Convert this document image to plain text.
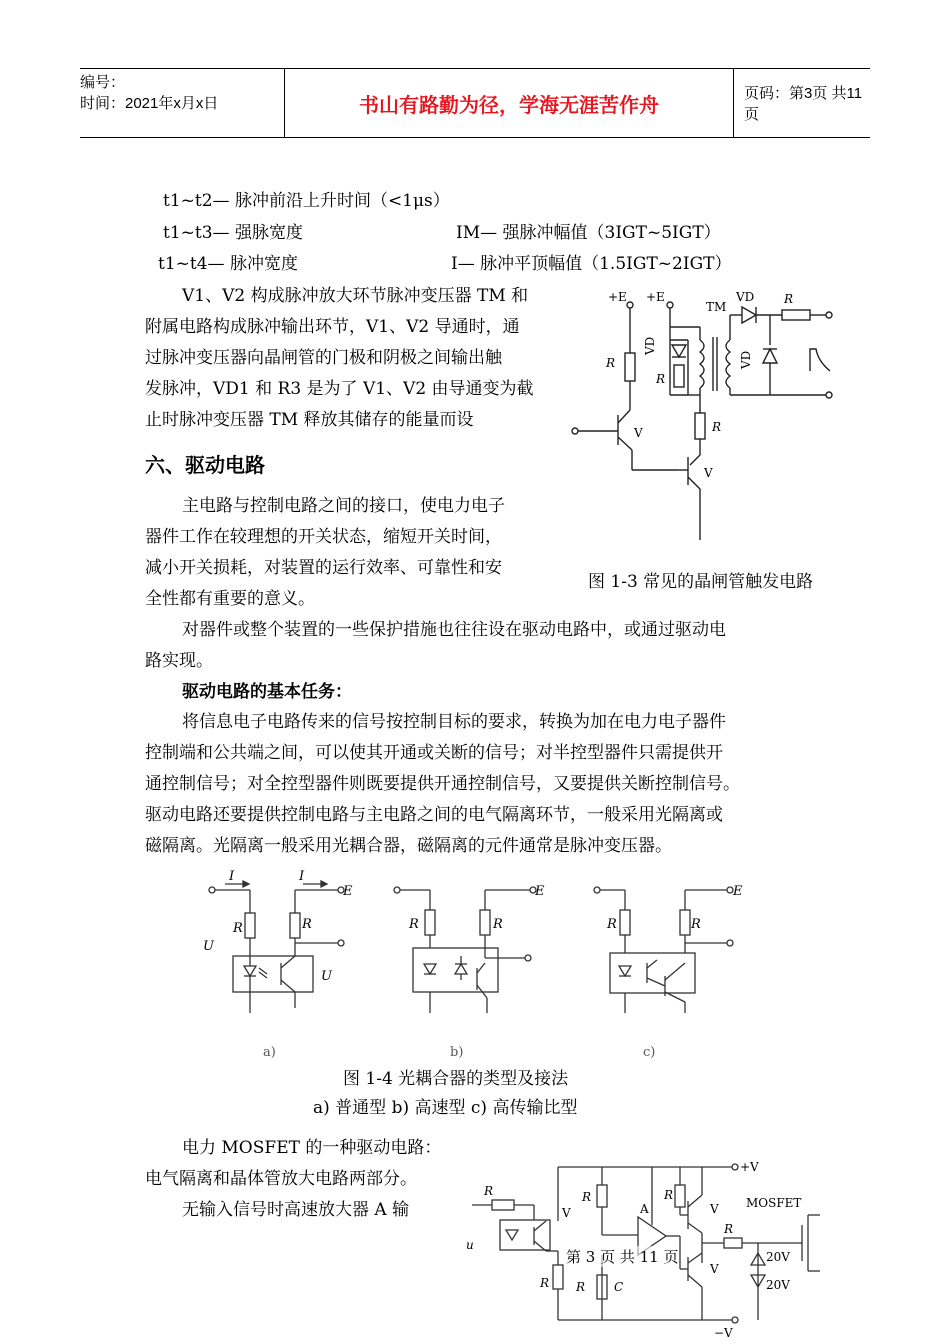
编号：
时间：2021年x月x日	书山有路勤为径，学海无涯苦作舟	页码：第3页 共11页
t1~t2— 脉冲前沿上升时间（<1μs）
t1~t3— 强脉宽度	IM— 强脉冲幅值（3IGT~5IGT）
t1~t4— 脉冲宽度	I— 脉冲平顶幅值（1.5IGT~2IGT）
V1、V2 构成脉冲放大环节脉冲变压器 TM 和
附属电路构成脉冲输出环节，V1、V2 导通时，通
过脉冲变压器向晶闸管的门极和阴极之间输出触
发脉冲，VD1 和 R3 是为了 V1、V2 由导通变为截
止时脉冲变压器 TM 释放其储存的能量而设
六、驱动电路
主电路与控制电路之间的接口，使电力电子
器件工作在较理想的开关状态，缩短开关时间，
减小开关损耗，对装置的运行效率、可靠性和安
全性都有重要的意义。
图 1-3 常见的晶闸管触发电路
+E +E
TM
VD R
VD
VD
R
R
R
V
V
对器件或整个装置的一些保护措施也往往设在驱动电路中，或通过驱动电
路实现。
驱动电路的基本任务：
将信息电子电路传来的信号按控制目标的要求，转换为加在电力电子器件
控制端和公共端之间，可以使其开通或关断的信号；对半控型器件只需提供开
通控制信号；对全控型器件则既要提供开通控制信号，又要提供关断控制信号。
驱动电路还要提供控制电路与主电路之间的电气隔离环节，一般采用光隔离或
磁隔离。光隔离一般采用光耦合器，磁隔离的元件通常是脉冲变压器。
R	R
E
I	I
U
U
R	R
E
R	R
E
a)	b)	c)
图 1-4 光耦合器的类型及接法
a) 普通型 b) 高速型 c) 高传输比型
电力 MOSFET 的一种驱动电路：
电气隔离和晶体管放大电路两部分。
无输入信号时高速放大器 A 输
+V
−V
MOSFET
A
R
R
R
R
R
R
C
V	V
V
u
20V
20V
第 3 页 共 11 页
